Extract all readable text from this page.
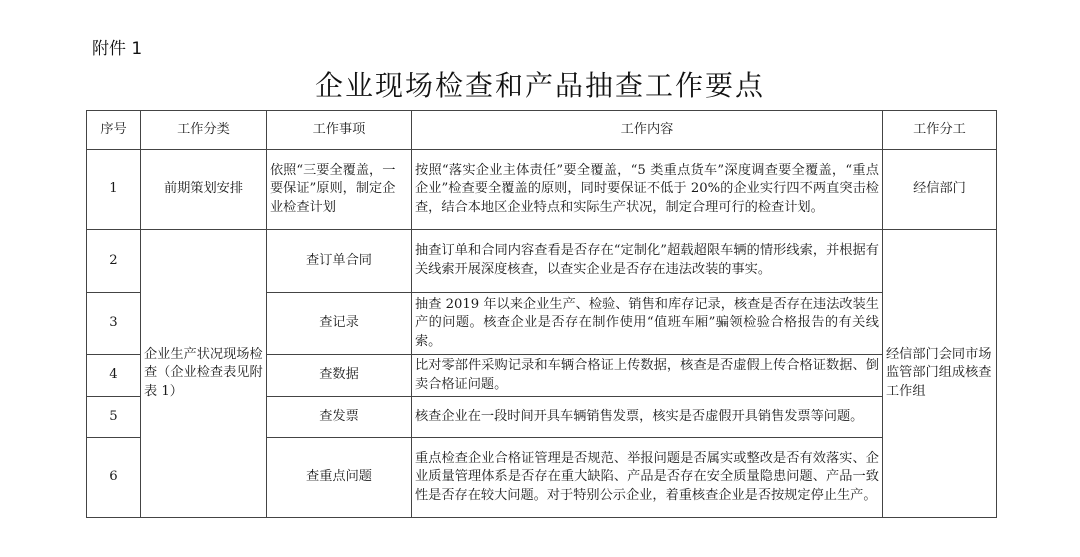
附件 1
企业现场检查和产品抽查工作要点
序号	工作分类	工作事项	工作内容	工作分工
1	前期策划安排	依照“三要全覆盖，一要保证”原则，制定企业检查计划	按照“落实企业主体责任”要全覆盖，“5 类重点货车”深度调查要全覆盖，“重点企业”检查要全覆盖的原则，同时要保证不低于 20%的企业实行四不两直突击检查，结合本地区企业特点和实际生产状况，制定合理可行的检查计划。	经信部门
2	企业生产状况现场检查（企业检查表见附表 1）	查订单合同	抽查订单和合同内容查看是否存在“定制化”超载超限车辆的情形线索，并根据有关线索开展深度核查，以查实企业是否存在违法改装的事实。	经信部门会同市场监管部门组成核查工作组
3		查记录	抽查 2019 年以来企业生产、检验、销售和库存记录，核查是否存在违法改装生产的问题。核查企业是否存在制作使用“值班车厢”骗领检验合格报告的有关线索。	
4		查数据	比对零部件采购记录和车辆合格证上传数据，核查是否虚假上传合格证数据、倒卖合格证问题。	
5		查发票	核查企业在一段时间开具车辆销售发票，核实是否虚假开具销售发票等问题。	
6		查重点问题	重点检查企业合格证管理是否规范、举报问题是否属实或整改是否有效落实、企业质量管理体系是否存在重大缺陷、产品是否存在安全质量隐患问题、产品一致性是否存在较大问题。对于特别公示企业，着重核查企业是否按规定停止生产。	
